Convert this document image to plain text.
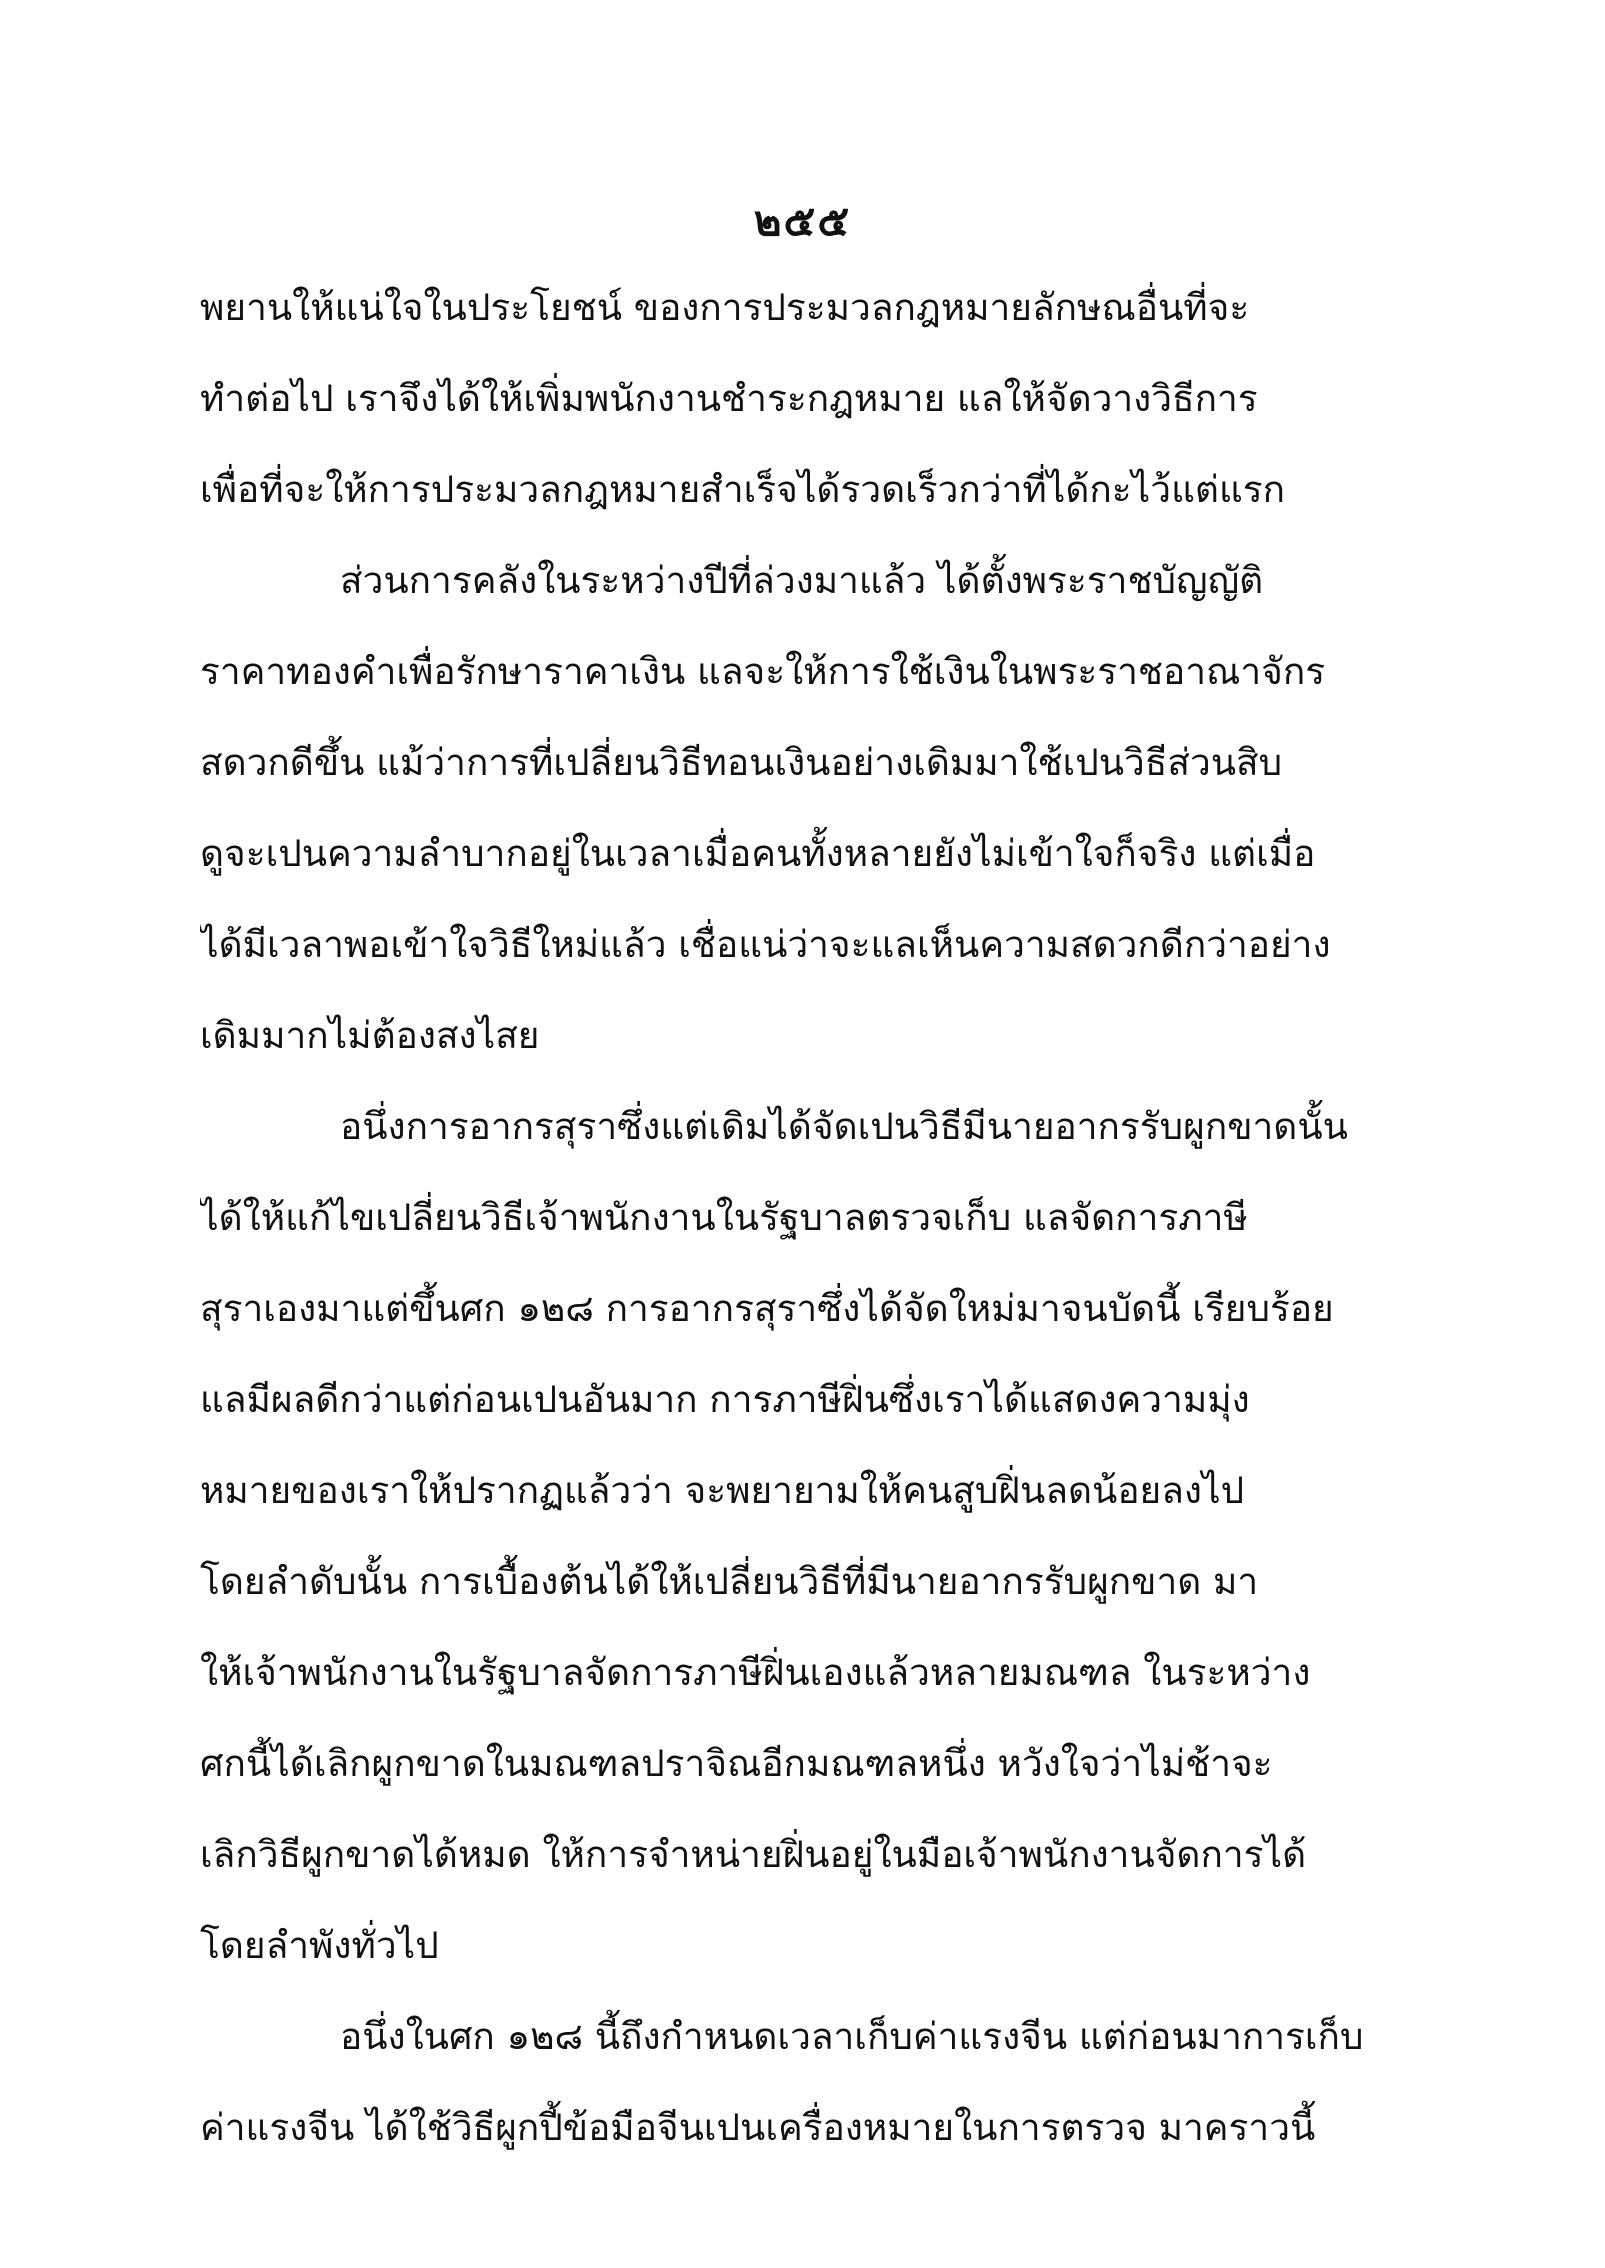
๒๕๕
พยานให้แน่ใจในประโยชน์ ของการประมวลกฎหมายลักษณอื่นที่จะ
ทำต่อไป เราจึงได้ให้เพิ่มพนักงานชำระกฎหมาย แลให้จัดวางวิธีการ
เพื่อที่จะให้การประมวลกฎหมายสำเร็จได้รวดเร็วกว่าที่ได้กะไว้แต่แรก
ส่วนการคลังในระหว่างปีที่ล่วงมาแล้ว ได้ตั้งพระราชบัญญัติ
ราคาทองคำเพื่อรักษาราคาเงิน แลจะให้การใช้เงินในพระราชอาณาจักร
สดวกดีขึ้น แม้ว่าการที่เปลี่ยนวิธีทอนเงินอย่างเดิมมาใช้เปนวิธีส่วนสิบ
ดูจะเปนความลำบากอยู่ในเวลาเมื่อคนทั้งหลายยังไม่เข้าใจก็จริง แต่เมื่อ
ได้มีเวลาพอเข้าใจวิธีใหม่แล้ว เชื่อแน่ว่าจะแลเห็นความสดวกดีกว่าอย่าง
เดิมมากไม่ต้องสงไสย
อนึ่งการอากรสุราซึ่งแต่เดิมได้จัดเปนวิธีมีนายอากรรับผูกขาดนั้น
ได้ให้แก้ไขเปลี่ยนวิธีเจ้าพนักงานในรัฐบาลตรวจเก็บ แลจัดการภาษี
สุราเองมาแต่ขึ้นศก ๑๒๘ การอากรสุราซึ่งได้จัดใหม่มาจนบัดนี้ เรียบร้อย
แลมีผลดีกว่าแต่ก่อนเปนอันมาก การภาษีฝิ่นซึ่งเราได้แสดงความมุ่ง
หมายของเราให้ปรากฏแล้วว่า จะพยายามให้คนสูบฝิ่นลดน้อยลงไป
โดยลำดับนั้น การเบื้องต้นได้ให้เปลี่ยนวิธีที่มีนายอากรรับผูกขาด มา
ให้เจ้าพนักงานในรัฐบาลจัดการภาษีฝิ่นเองแล้วหลายมณฑล ในระหว่าง
ศกนี้ได้เลิกผูกขาดในมณฑลปราจิณอีกมณฑลหนึ่ง หวังใจว่าไม่ช้าจะ
เลิกวิธีผูกขาดได้หมด ให้การจำหน่ายฝิ่นอยู่ในมือเจ้าพนักงานจัดการได้
โดยลำพังทั่วไป
อนึ่งในศก ๑๒๘ นี้ถึงกำหนดเวลาเก็บค่าแรงจีน แต่ก่อนมาการเก็บ
ค่าแรงจีน ได้ใช้วิธีผูกปี้ข้อมือจีนเปนเครื่องหมายในการตรวจ มาคราวนี้
